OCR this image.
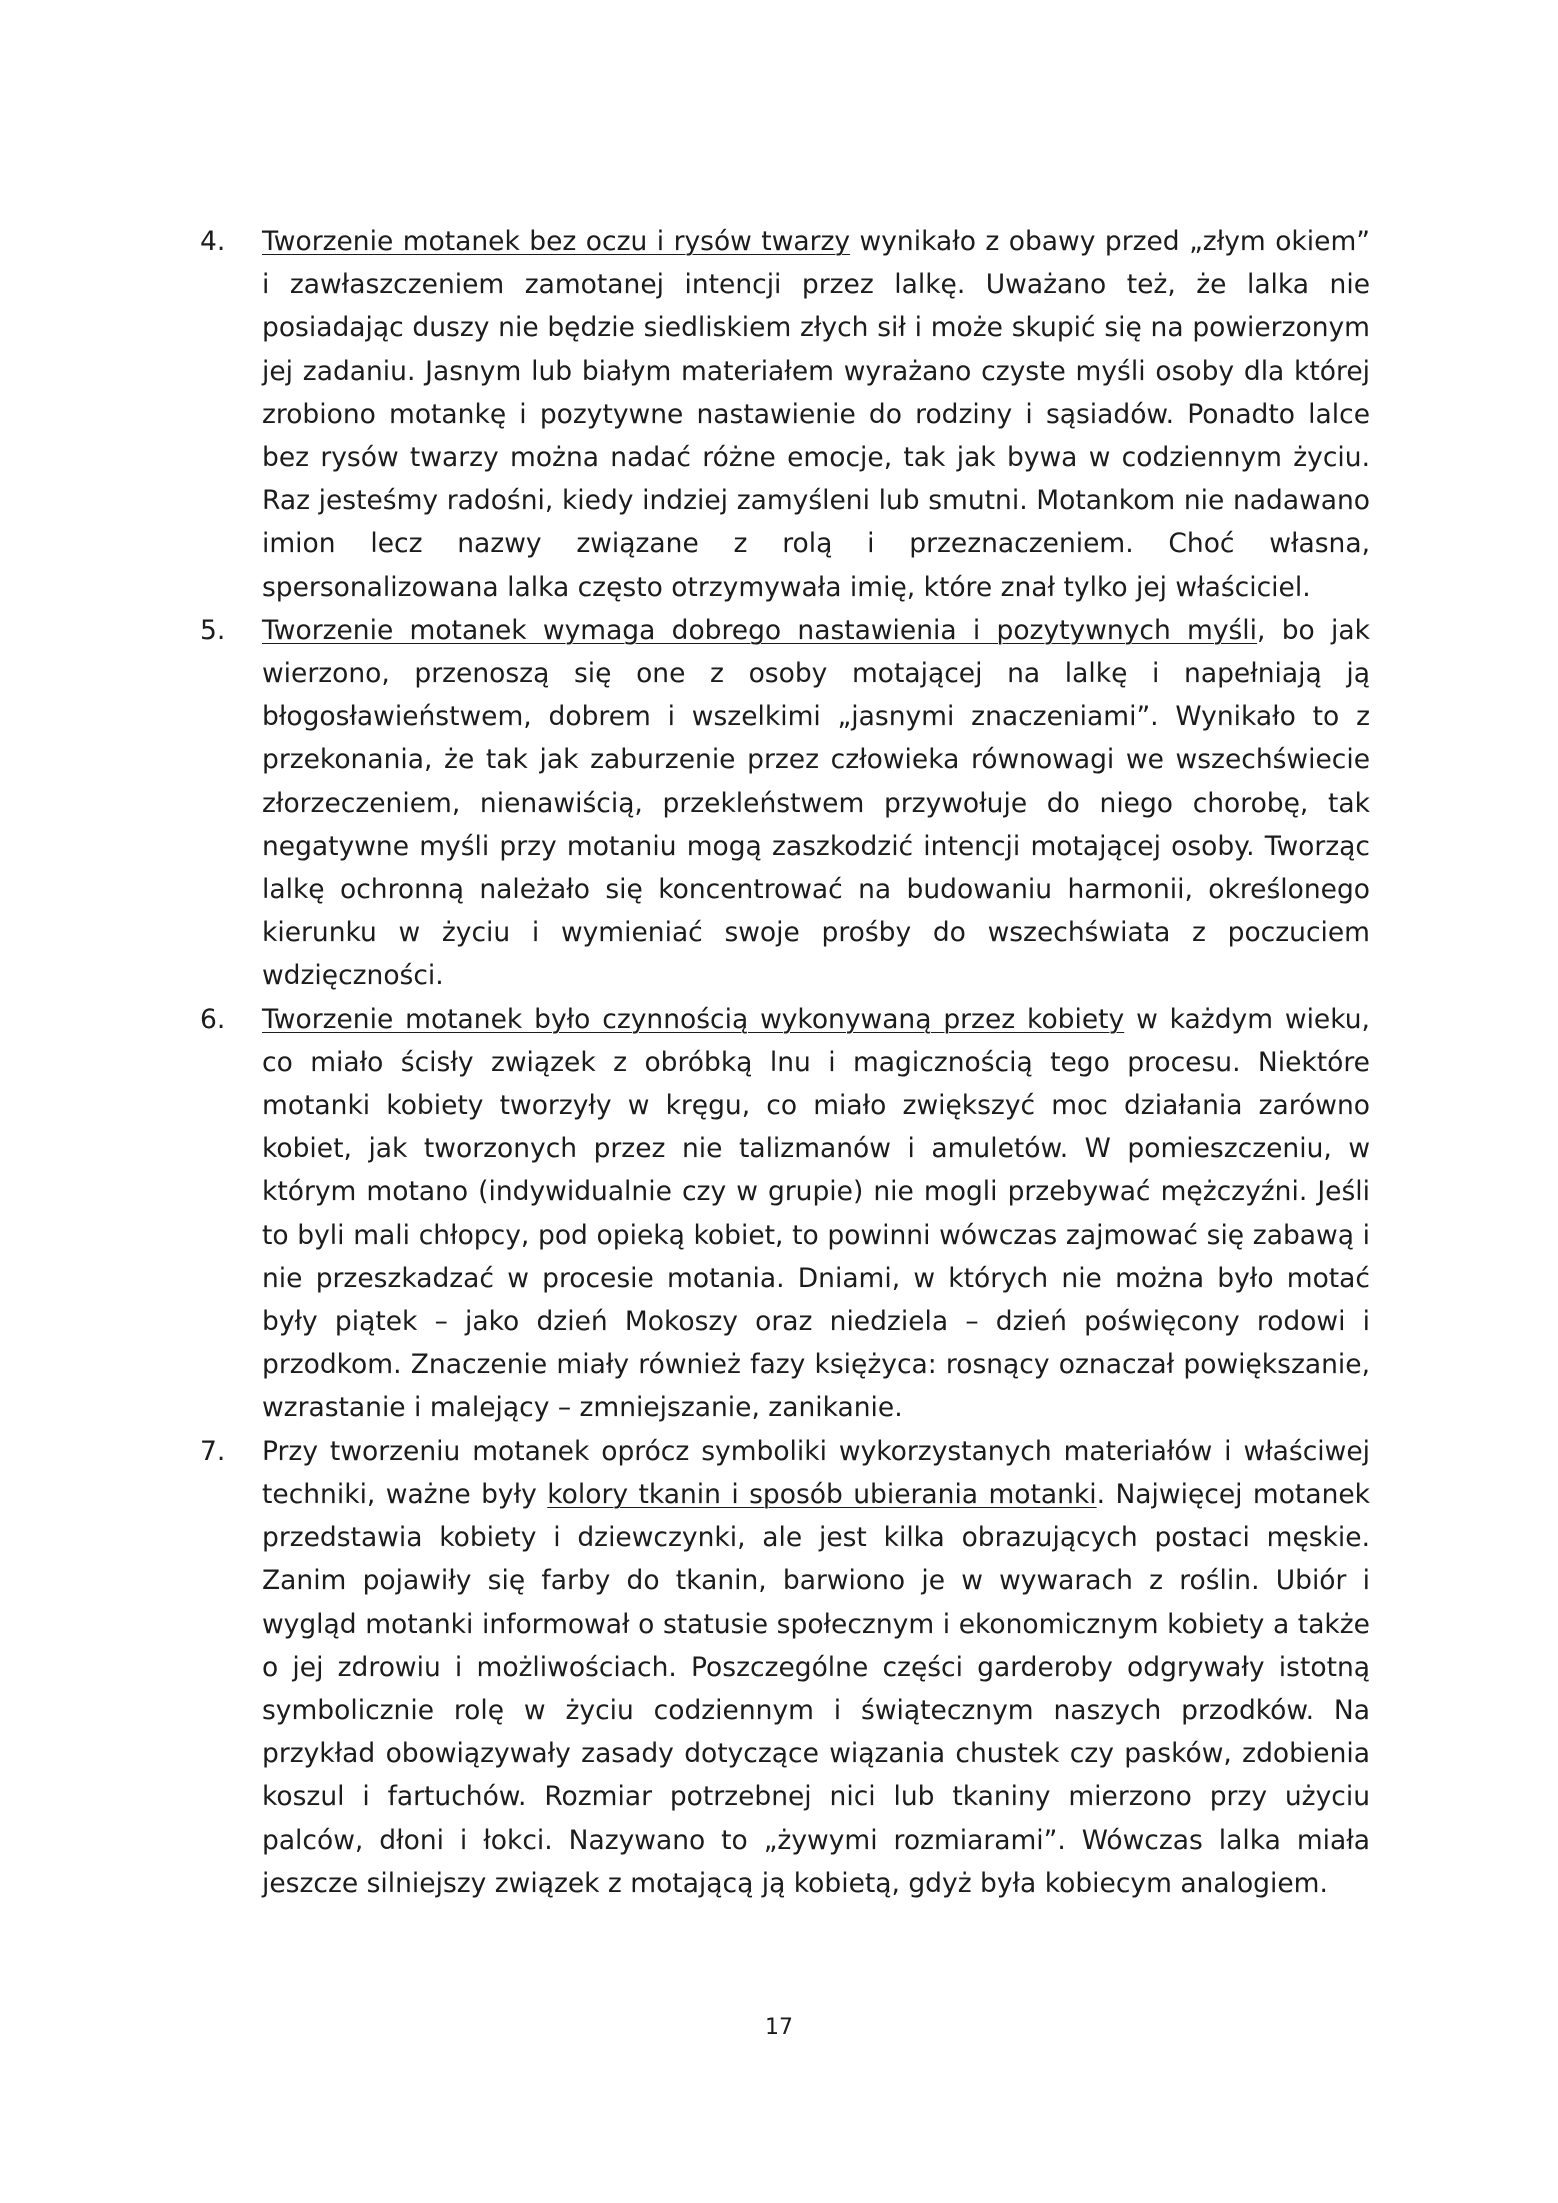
4. Tworzenie motanek bez oczu i rysów twarzy wynikało z obawy przed „złym okiem” i zawłaszczeniem zamotanej intencji przez lalkę. Uważano też, że lalka nie posiadając duszy nie będzie siedliskiem złych sił i może skupić się na powierzonym jej zadaniu. Jasnym lub białym materiałem wyrażano czyste myśli osoby dla której zrobiono motankę i pozytywne nastawienie do rodziny i sąsiadów. Ponadto lalce bez rysów twarzy można nadać różne emocje, tak jak bywa w codziennym życiu. Raz jesteśmy radośni, kiedy indziej zamyśleni lub smutni. Motankom nie nadawano imion lecz nazwy związane z rolą i przeznaczeniem. Choć własna, spersonalizowana lalka często otrzymywała imię, które znał tylko jej właściciel.
5. Tworzenie motanek wymaga dobrego nastawienia i pozytywnych myśli, bo jak wierzono, przenoszą się one z osoby motającej na lalkę i napełniają ją błogosławieństwem, dobrem i wszelkimi „jasnymi znaczeniami”. Wynikało to z przekonania, że tak jak zaburzenie przez człowieka równowagi we wszechświecie złorzeczeniem, nienawiścią, przekleństwem przywołuje do niego chorobę, tak negatywne myśli przy motaniu mogą zaszkodzić intencji motającej osoby. Tworząc lalkę ochronną należało się koncentrować na budowaniu harmonii, określonego kierunku w życiu i wymieniać swoje prośby do wszechświata z poczuciem wdzięczności.
6. Tworzenie motanek było czynnością wykonywaną przez kobiety w każdym wieku, co miało ścisły związek z obróbką lnu i magicznością tego procesu. Niektóre motanki kobiety tworzyły w kręgu, co miało zwiększyć moc działania zarówno kobiet, jak tworzonych przez nie talizmanów i amuletów. W pomieszczeniu, w którym motano (indywidualnie czy w grupie) nie mogli przebywać mężczyźni. Jeśli to byli mali chłopcy, pod opieką kobiet, to powinni wówczas zajmować się zabawą i nie przeszkadzać w procesie motania. Dniami, w których nie można było motać były piątek – jako dzień Mokoszy oraz niedziela – dzień poświęcony rodowi i przodkom. Znaczenie miały również fazy księżyca: rosnący oznaczał powiększanie, wzrastanie i malejący – zmniejszanie, zanikanie.
7. Przy tworzeniu motanek oprócz symboliki wykorzystanych materiałów i właściwej techniki, ważne były kolory tkanin i sposób ubierania motanki. Najwięcej motanek przedstawia kobiety i dziewczynki, ale jest kilka obrazujących postaci męskie. Zanim pojawiły się farby do tkanin, barwiono je w wywarach z roślin. Ubiór i wygląd motanki informował o statusie społecznym i ekonomicznym kobiety a także o jej zdrowiu i możliwościach. Poszczególne części garderoby odgrywały istotną symbolicznie rolę w życiu codziennym i świątecznym naszych przodków. Na przykład obowiązywały zasady dotyczące wiązania chustek czy pasków, zdobienia koszul i fartuchów. Rozmiar potrzebnej nici lub tkaniny mierzono przy użyciu palców, dłoni i łokci. Nazywano to „żywymi rozmiarami”. Wówczas lalka miała jeszcze silniejszy związek z motającą ją kobietą, gdyż była kobiecym analogiem.
17
